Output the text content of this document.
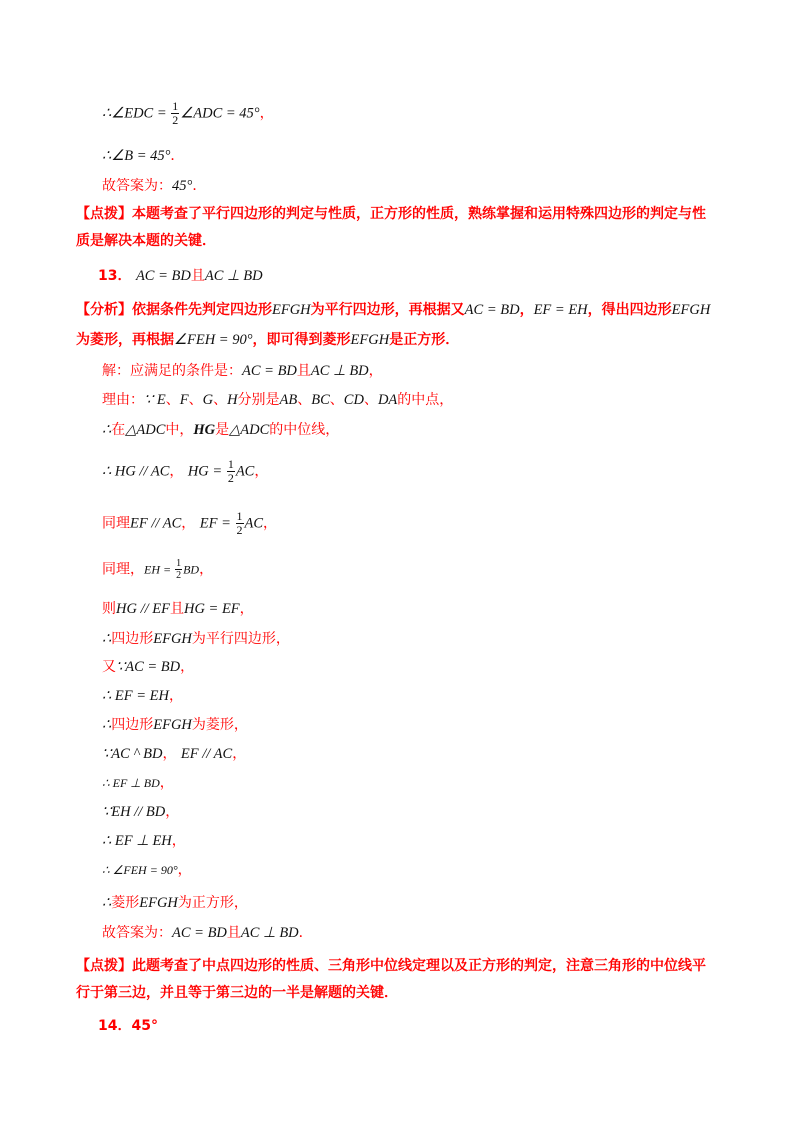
∴∠EDC = $\frac{1}{2}$ ∠ADC = 45°，
∴∠B = 45°．
故答案为：45°．
【点拨】本题考查了平行四边形的判定与性质，正方形的性质，熟练掌握和运用特殊四边形的判定与性质是解决本题的关键．
13． AC = BD且AC ⊥ BD
【分析】依据条件先判定四边形EFGH为平行四边形，再根据又AC = BD，EF = EH，得出四边形EFGH为菱形，再根据∠FEH = 90°，即可得到菱形EFGH是正方形．
解：应满足的条件是：AC = BD且AC ⊥ BD，
理由：∵ E、F、G、H分别是AB、BC、CD、DA的中点，
∴在△ADC中，HG是△ADC的中位线，
∴ HG // AC， HG = $\frac{1}{2}$ AC，
同理EF // AC， EF = $\frac{1}{2}$ AC，
同理，EH = $\frac{1}{2}$ BD，
则HG // EF且HG = EF，
∴四边形EFGH为平行四边形，
又∵AC = BD，
∴ EF = EH，
∴四边形EFGH为菱形，
∵AC ^ BD， EF // AC，
∴ EF ⊥ BD，
∵EH // BD，
∴ EF ⊥ EH，
∴ ∠FEH = 90°，
∴菱形EFGH为正方形，
故答案为：AC = BD且AC ⊥ BD．
【点拨】此题考查了中点四边形的性质、三角形中位线定理以及正方形的判定，注意三角形的中位线平行于第三边，并且等于第三边的一半是解题的关键．
14．45°
